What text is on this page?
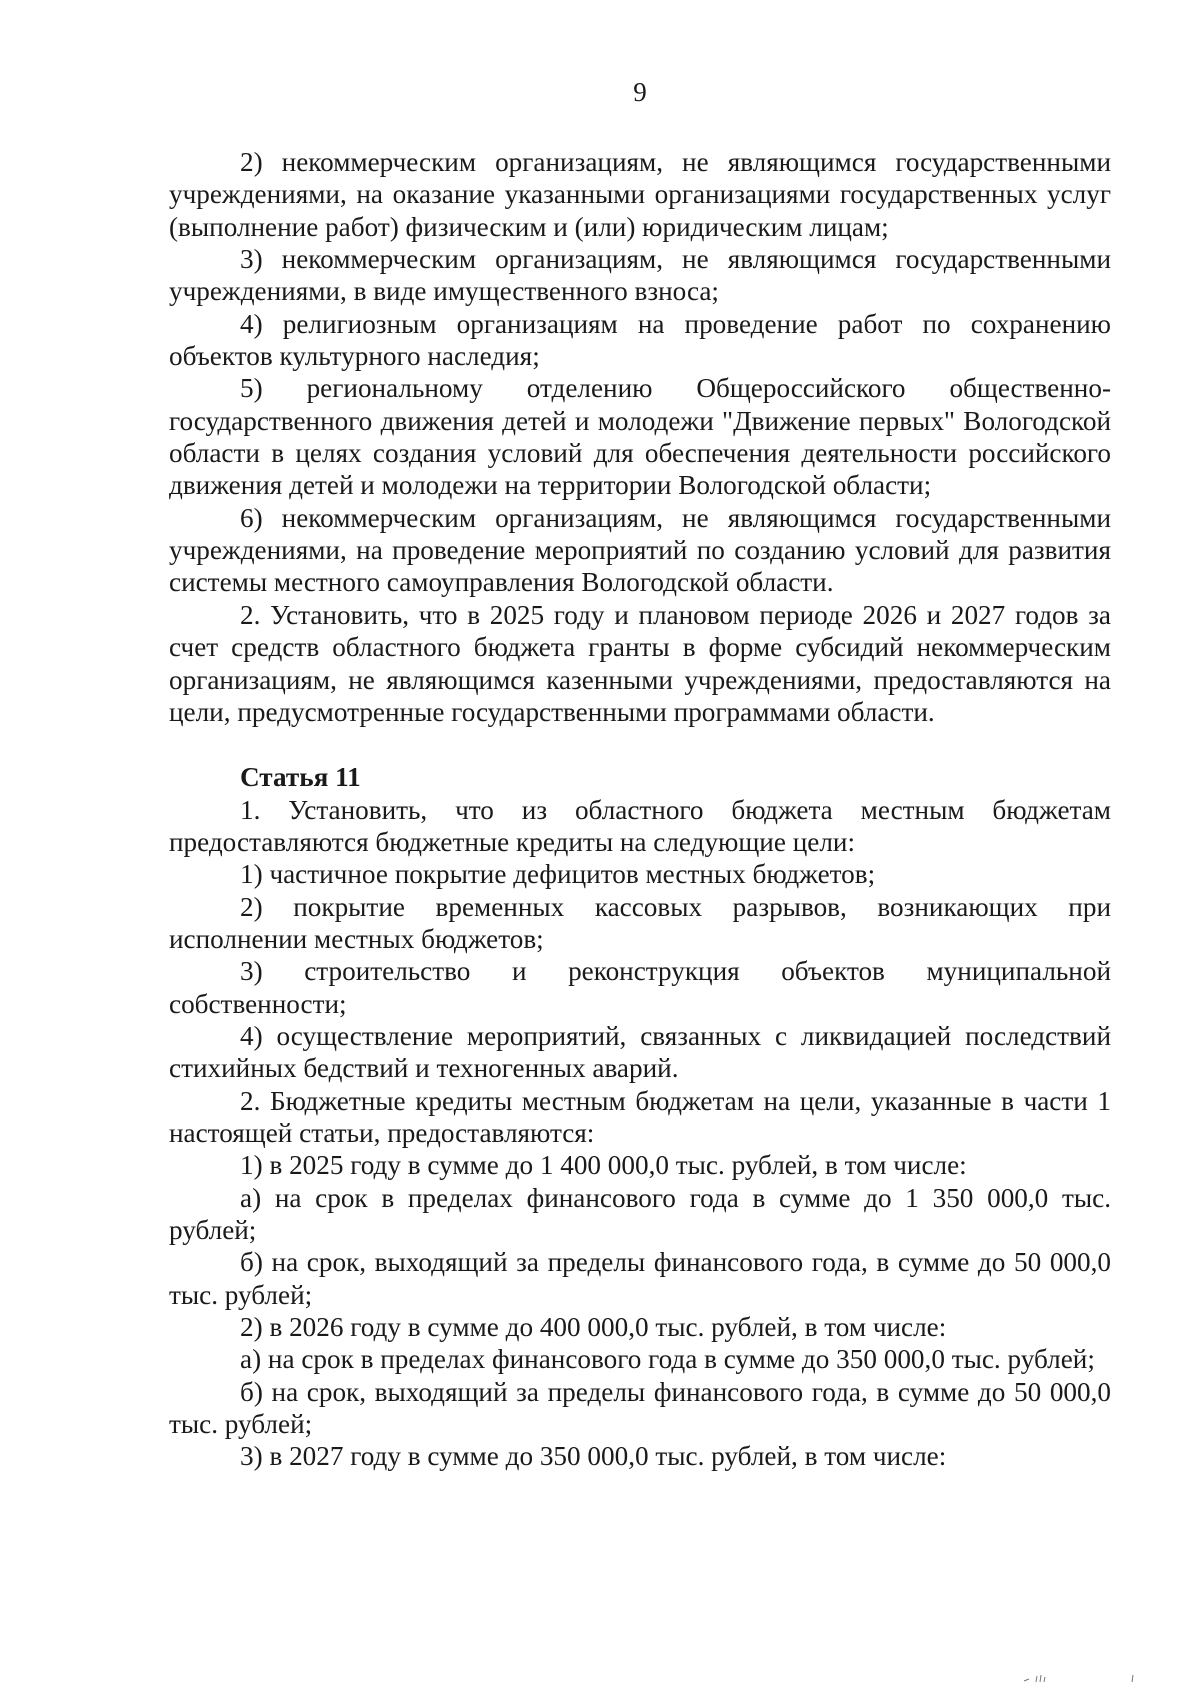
9

2) некоммерческим организациям, не являющимся государственными учреждениями, на оказание указанными организациями государственных услуг (выполнение работ) физическим и (или) юридическим лицам;

3) некоммерческим организациям, не являющимся государственными учреждениями, в виде имущественного взноса;

4) религиозным организациям на проведение работ по сохранению объектов культурного наследия;

5) региональному отделению Общероссийского общественно-государственного движения детей и молодежи "Движение первых" Вологодской области в целях создания условий для обеспечения деятельности российского движения детей и молодежи на территории Вологодской области;

6) некоммерческим организациям, не являющимся государственными учреждениями, на проведение мероприятий по созданию условий для развития системы местного самоуправления Вологодской области.

2. Установить, что в 2025 году и плановом периоде 2026 и 2027 годов за счет средств областного бюджета гранты в форме субсидий некоммерческим организациям, не являющимся казенными учреждениями, предоставляются на цели, предусмотренные государственными программами области.

Статья 11

1. Установить, что из областного бюджета местным бюджетам предоставляются бюджетные кредиты на следующие цели:

1) частичное покрытие дефицитов местных бюджетов;

2) покрытие временных кассовых разрывов, возникающих при исполнении местных бюджетов;

3) строительство и реконструкция объектов муниципальной собственности;

4) осуществление мероприятий, связанных с ликвидацией последствий стихийных бедствий и техногенных аварий.

2. Бюджетные кредиты местным бюджетам на цели, указанные в части 1 настоящей статьи, предоставляются:

1) в 2025 году в сумме до 1 400 000,0 тыс. рублей, в том числе:

а) на срок в пределах финансового года в сумме до 1 350 000,0 тыс. рублей;

б) на срок, выходящий за пределы финансового года, в сумме до 50 000,0 тыс. рублей;

2) в 2026 году в сумме до 400 000,0 тыс. рублей, в том числе:

а) на срок в пределах финансового года в сумме до 350 000,0 тыс. рублей;

б) на срок, выходящий за пределы финансового года, в сумме до 50 000,0 тыс. рублей;

3) в 2027 году в сумме до 350 000,0 тыс. рублей, в том числе:
